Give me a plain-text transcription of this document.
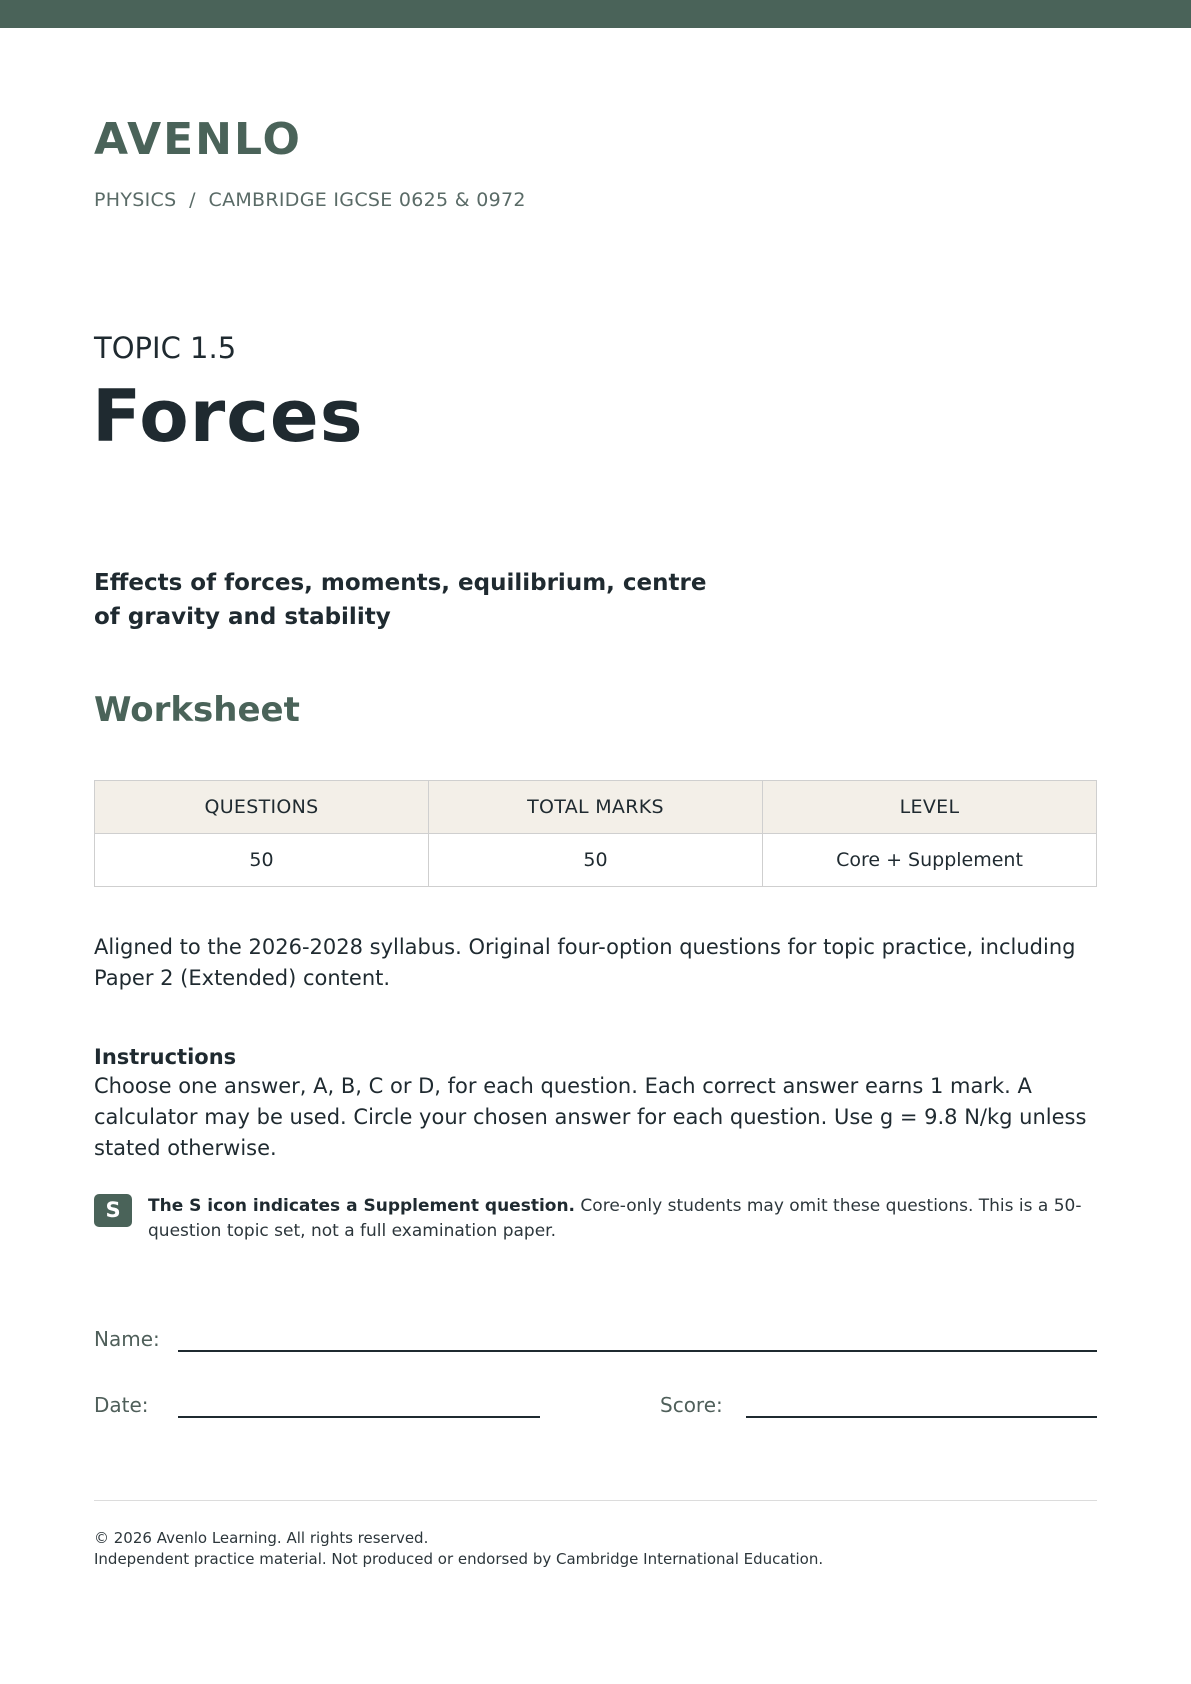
AVENLO
PHYSICS  /  CAMBRIDGE IGCSE 0625 & 0972
TOPIC 1.5
Forces
Effects of forces, moments, equilibrium, centre of gravity and stability
Worksheet
QUESTIONS	TOTAL MARKS	LEVEL
50	50	Core + Supplement
Aligned to the 2026-2028 syllabus. Original four-option questions for topic practice, including Paper 2 (Extended) content.
Instructions
Choose one answer, A, B, C or D, for each question. Each correct answer earns 1 mark. A calculator may be used. Circle your chosen answer for each question. Use g = 9.8 N/kg unless stated otherwise.
S	The S icon indicates a Supplement question. Core-only students may omit these questions. This is a 50-question topic set, not a full examination paper.
Name:
Date:	Score:
© 2026 Avenlo Learning. All rights reserved.
Independent practice material. Not produced or endorsed by Cambridge International Education.
